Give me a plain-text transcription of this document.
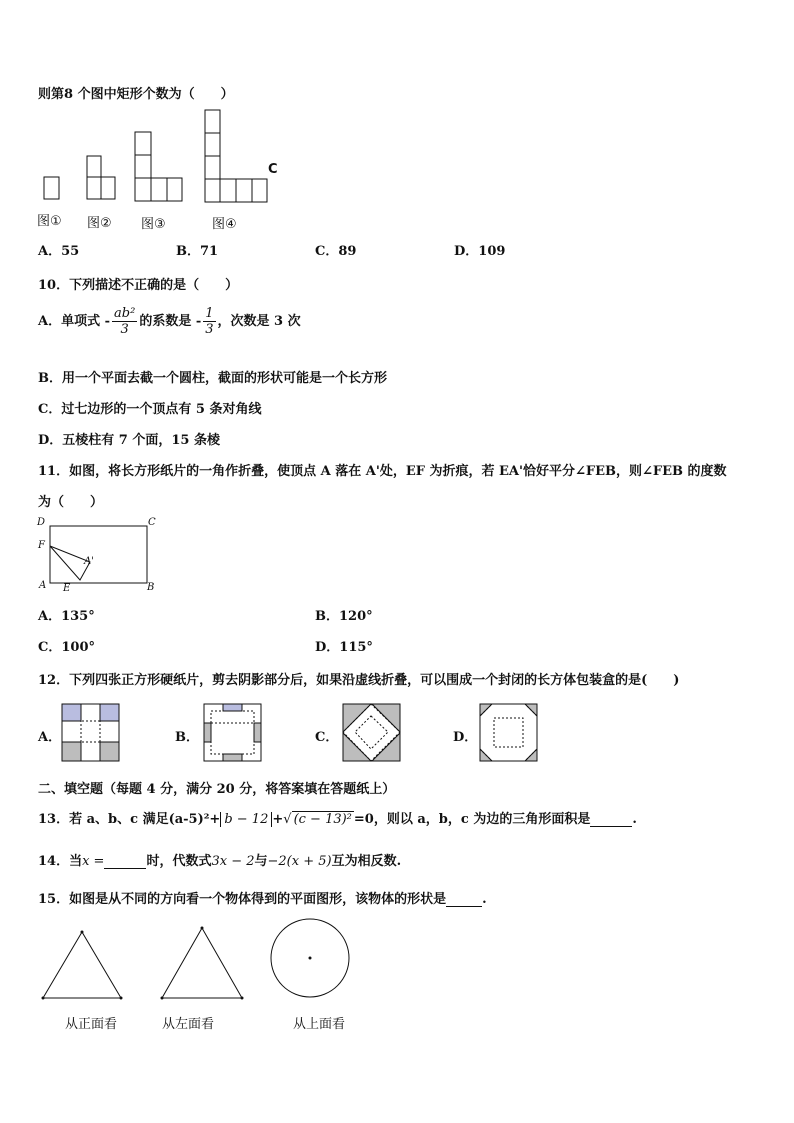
则第8 个图中矩形个数为（　　）
C
图① 图② 图③	图④
A．55	B．71	C．89	D．109
10．下列描述不正确的是（　　）
A．单项式 - $\frac{\text{ab²}}{3}$ 的系数是 - $\frac{1}{3}$ ，次数是 3 次
B．用一个平面去截一个圆柱，截面的形状可能是一个长方形
C．过七边形的一个顶点有 5 条对角线
D．五棱柱有 7 个面，15 条棱
11．如图，将长方形纸片的一角作折叠，使顶点 A 落在 A'处，EF 为折痕，若 EA'恰好平分∠FEB，则∠FEB 的度数
为（　　）
D	C
F
A'
A E	B
A．135°	B．120°
C．100°	D．115°
12．下列四张正方形硬纸片，剪去阴影部分后，如果沿虚线折叠，可以围成一个封闭的长方体包装盒的是(　　)
A．	B．	C．	D．
二、填空题（每题 4 分，满分 20 分，将答案填在答题纸上）
13．若 a、b、c 满足(a-5)²+ b − 12 +√ (c − 13)² =0，则以 a，b，c 为边的三角形面积是	.
14．当x =	时，代数式3x − 2与−2(x + 5)互为相反数.
15．如图是从不同的方向看一个物体得到的平面图形，该物体的形状是	.
从正面看	从左面看	从上面看
